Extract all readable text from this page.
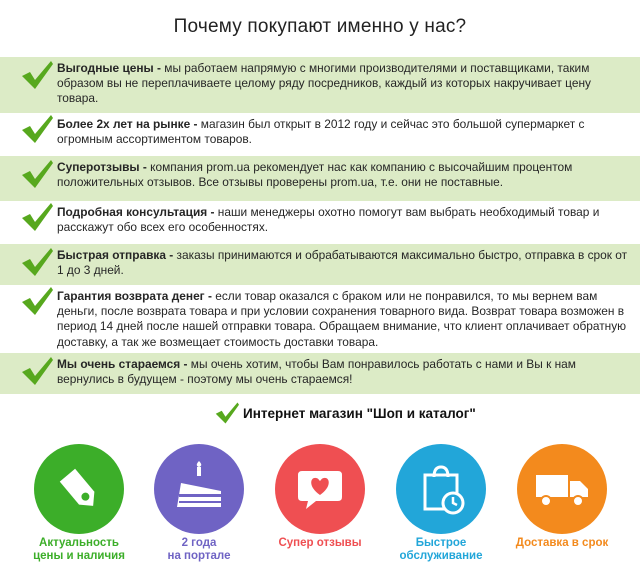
Почему покупают именно у нас?
Выгодные цены - мы работаем напрямую с многими производителями и поставщиками, таким образом вы не переплачиваете целому ряду посредников, каждый из которых накручивает цену товара.
Более 2х лет на рынке - магазин был открыт в 2012 году и сейчас это большой супермаркет с огромным ассортиментом товаров.
Суперотзывы - компания prom.ua рекомендует нас как компанию с высочайшим процентом положительных отзывов. Все отзывы проверены prom.ua, т.е. они не поставные.
Подробная консультация - наши менеджеры охотно помогут вам выбрать необходимый товар и расскажут обо всех его особенностях.
Быстрая отправка - заказы принимаются и обрабатываются максимально быстро, отправка в срок от 1 до 3 дней.
Гарантия возврата денег - если товар оказался с браком или не понравился, то мы вернем вам деньги, после возврата товара и при условии сохранения товарного вида. Возврат товара возможен в период 14 дней после нашей отправки товара. Обращаем внимание, что клиент оплачивает обратную доставку, а так же возмещает стоимость доставки товара.
Мы очень стараемся - мы очень хотим, чтобы Вам понравилось работать с нами и Вы к нам вернулись в будущем - поэтому мы очень стараемся!
Интернет магазин "Шоп и каталог"
Актуальность
цены и наличия
2 года
на портале
Супер отзывы	Быстрое
обслуживание
Доставка в срок
